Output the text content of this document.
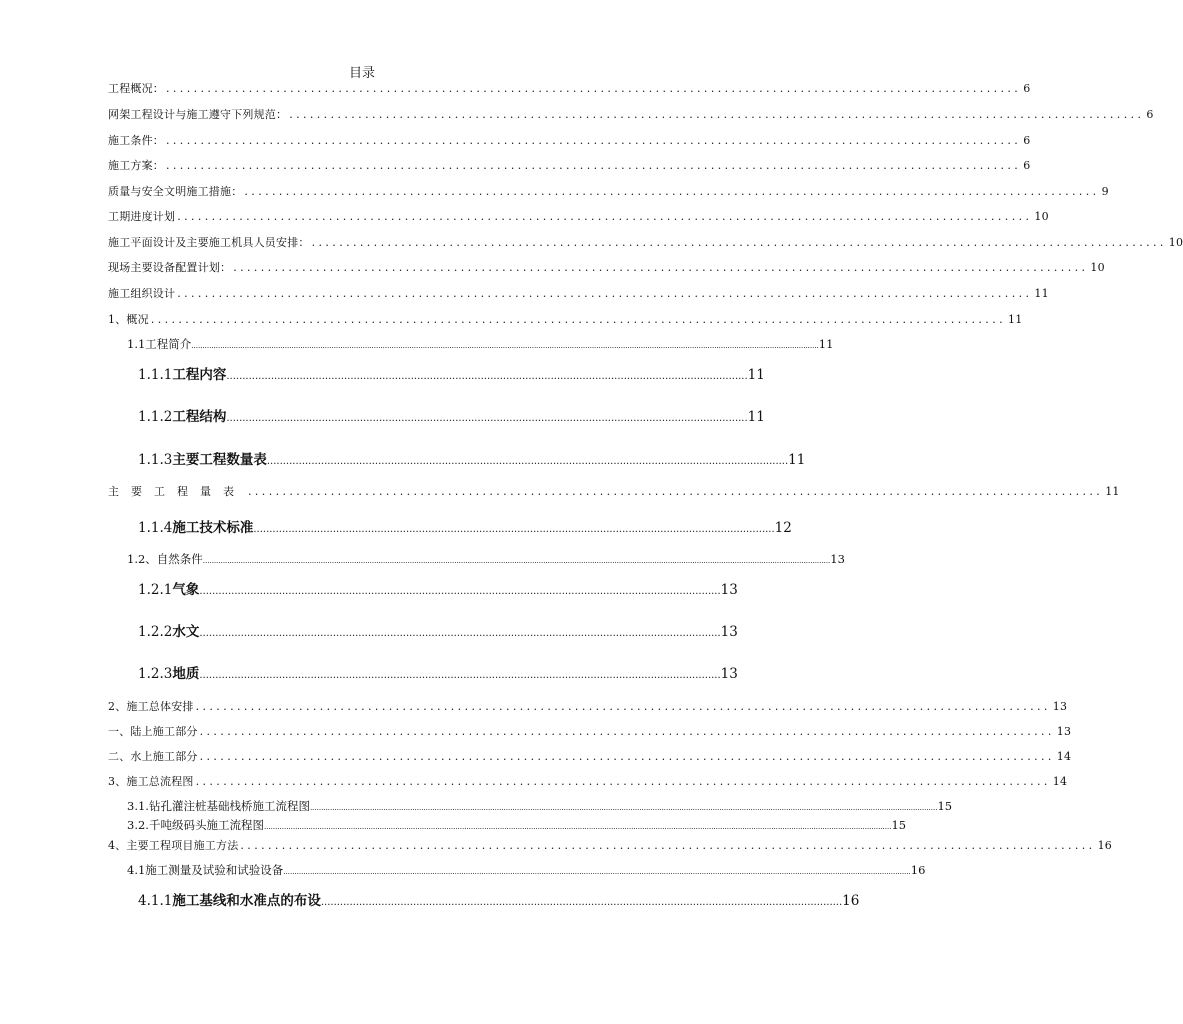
目录
工程概况： ............................................................................................................................ 6
网架工程设计与施工遵守下列规范： ............................................................................................................................ 6
施工条件： ............................................................................................................................ 6
施工方案： ............................................................................................................................ 6
质量与安全文明施工措施： ............................................................................................................................ 9
工期进度计划 ............................................................................................................................ 10
施工平面设计及主要施工机具人员安排： ............................................................................................................................ 10
现场主要设备配置计划： ............................................................................................................................ 10
施工组织设计 ............................................................................................................................ 11
1、概况 ............................................................................................................................ 11
1.1工程简介 .......................................................................................................................................................................................................................................................................................... 11
1.1.1工程内容 .................................................................................................................................................................... 11
1.1.2工程结构 .................................................................................................................................................................... 11
1.1.3主要工程数量表 .................................................................................................................................................................... 11
主要工程量表 ............................................................................................................................ 11
1.1.4施工技术标准 .................................................................................................................................................................... 12
1.2、自然条件 .......................................................................................................................................................................................................................................................................................... 13
1.2.1气象 .................................................................................................................................................................... 13
1.2.2水文 .................................................................................................................................................................... 13
1.2.3地质 .................................................................................................................................................................... 13
2、施工总体安排 ............................................................................................................................ 13
一、陆上施工部分 ............................................................................................................................ 13
二、水上施工部分 ............................................................................................................................ 14
3、施工总流程图 ............................................................................................................................ 14
3.1.钻孔灌注桩基础栈桥施工流程图 .......................................................................................................................................................................................................................................................................................... 15
3.2.千吨级码头施工流程图 .......................................................................................................................................................................................................................................................................................... 15
4、主要工程项目施工方法 ............................................................................................................................ 16
4.1施工测量及试验和试验设备 .......................................................................................................................................................................................................................................................................................... 16
4.1.1施工基线和水准点的布设 .................................................................................................................................................................... 16
